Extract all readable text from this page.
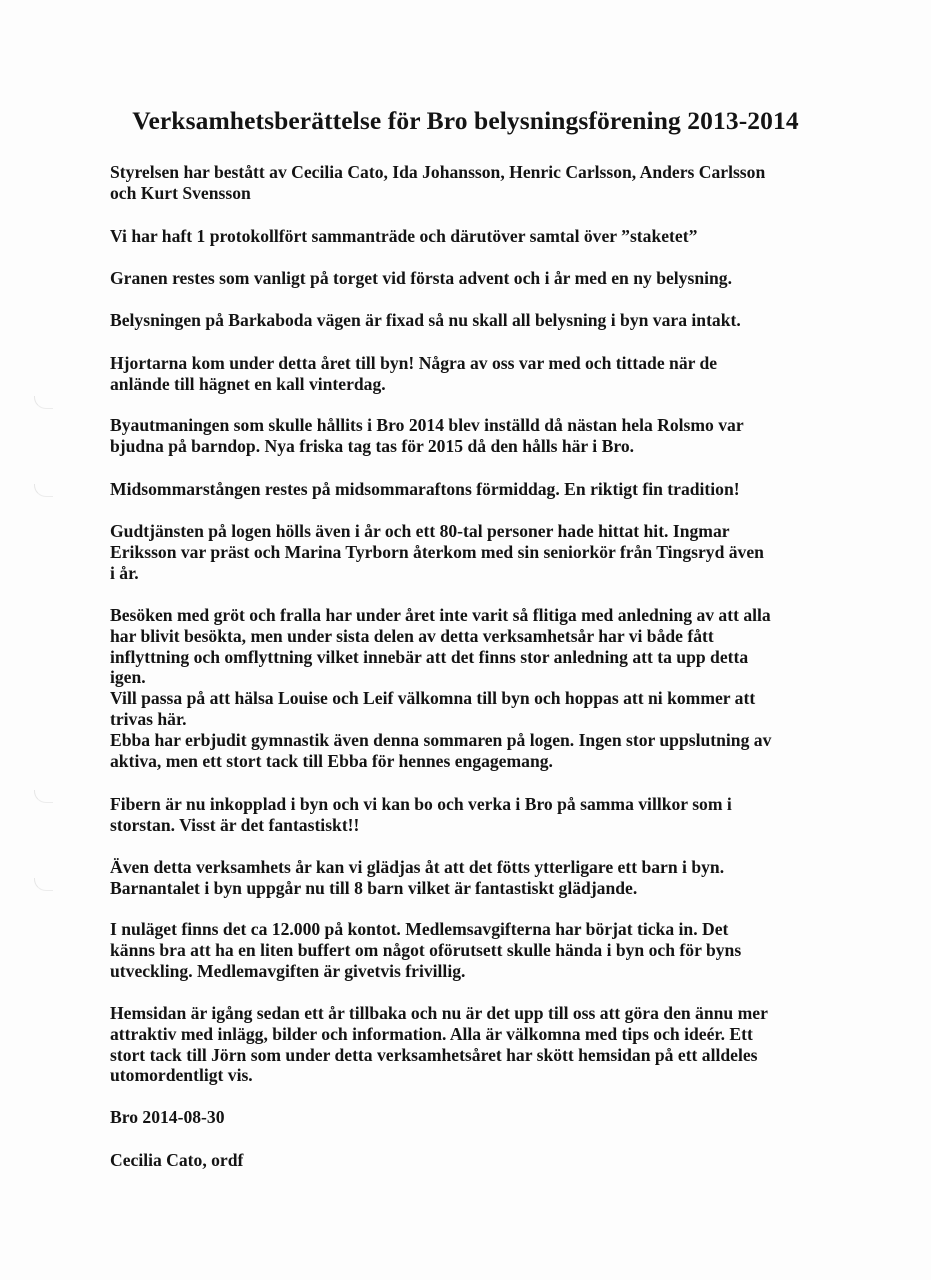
Verksamhetsberättelse för Bro belysningsförening 2013-2014

Styrelsen har bestått av Cecilia Cato, Ida Johansson, Henric Carlsson, Anders Carlsson
och Kurt Svensson

Vi har haft 1 protokollfört sammanträde och därutöver samtal över ”staketet”

Granen restes som vanligt på torget vid första advent och i år med en ny belysning.

Belysningen på Barkaboda vägen är fixad så nu skall all belysning i byn vara intakt.

Hjortarna kom under detta året till byn! Några av oss var med och tittade när de
anlände till hägnet en kall vinterdag.

Byautmaningen som skulle hållits i Bro 2014 blev inställd då nästan hela Rolsmo var
bjudna på barndop. Nya friska tag tas för 2015 då den hålls här i Bro.

Midsommarstången restes på midsommaraftons förmiddag. En riktigt fin tradition!

Gudtjänsten på logen hölls även i år och ett 80-tal personer hade hittat hit. Ingmar
Eriksson var präst och Marina Tyrborn återkom med sin seniorkör från Tingsryd även
i år.

Besöken med gröt och fralla har under året inte varit så flitiga med anledning av att alla
har blivit besökta, men under sista delen av detta verksamhetsår har vi både fått
inflyttning och omflyttning vilket innebär att det finns stor anledning att ta upp detta
igen.
Vill passa på att hälsa Louise och Leif välkomna till byn och hoppas att ni kommer att
trivas här.
Ebba har erbjudit gymnastik även denna sommaren på logen. Ingen stor uppslutning av
aktiva, men ett stort tack till Ebba för hennes engagemang.

Fibern är nu inkopplad i byn och vi kan bo och verka i Bro på samma villkor som i
storstan. Visst är det fantastiskt!!

Även detta verksamhets år kan vi glädjas åt att det fötts ytterligare ett barn i byn.
Barnantalet i byn uppgår nu till 8 barn vilket är fantastiskt glädjande.

I nuläget finns det ca 12.000 på kontot. Medlemsavgifterna har börjat ticka in. Det
känns bra att ha en liten buffert om något oförutsett skulle hända i byn och för byns
utveckling. Medlemavgiften är givetvis frivillig.

Hemsidan är igång sedan ett år tillbaka och nu är det upp till oss att göra den ännu mer
attraktiv med inlägg, bilder och information. Alla är välkomna med tips och ideér. Ett
stort tack till Jörn som under detta verksamhetsåret har skött hemsidan på ett alldeles
utomordentligt vis.

Bro 2014-08-30

Cecilia Cato, ordf
